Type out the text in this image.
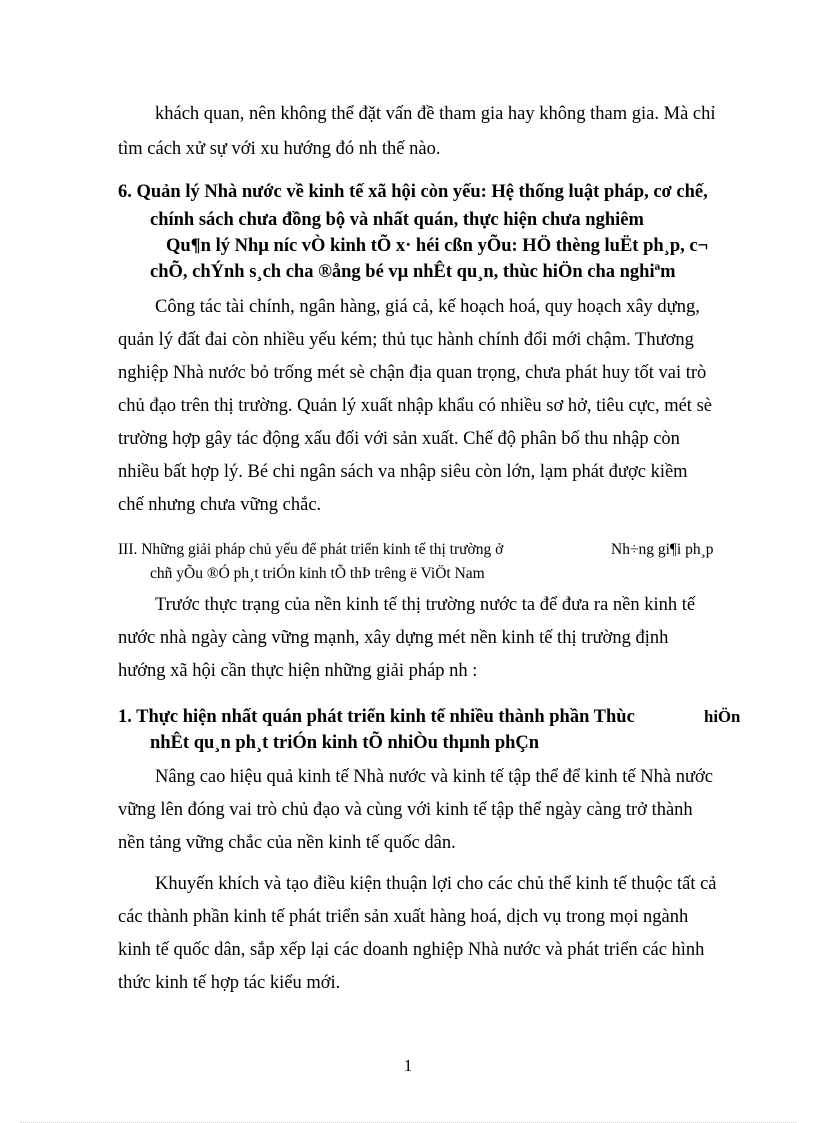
khách quan, nên không thể đặt vấn đề tham gia hay không tham gia. Mà chỉ
tìm cách xử sự với xu hướng đó nh thế nào.
6. Quản lý Nhà nước về kinh tế xã hội còn yếu: Hệ thống luật pháp, cơ chế,
chính sách chưa đồng bộ và nhất quán, thực hiện chưa nghiêm
Qu¶n lý Nhµ níc vÒ kinh tÕ x· héi cßn yÕu: HÖ thèng luËt ph¸p, c¬
chÕ, chÝnh s¸ch cha ®ång bé vµ nhÊt qu¸n, thùc hiÖn cha nghiªm
Công tác tài chính, ngân hàng, giá cả, kế hoạch hoá, quy hoạch xây dựng,
quản lý đất đai còn nhiều yếu kém; thủ tục hành chính đổi mới chậm. Thương
nghiệp Nhà nước bỏ trống mét sè chận địa quan trọng, chưa phát huy tốt vai trò
chủ đạo trên thị trường. Quản lý xuất nhập khẩu có nhiều sơ hở, tiêu cực, mét sè
trường hợp gây tác động xấu đối với sản xuất. Chế độ phân bố thu nhập còn
nhiều bất hợp lý. Bé chi ngân sách va nhập siêu còn lớn, lạm phát được kiềm
chế nhưng chưa vững chắc.
III. Những giải pháp chủ yếu để phát triển kinh tế thị trường ở	Nh÷ng gi¶i ph¸p
chñ yÕu ®Ó ph¸t triÓn kinh tÕ thÞ trêng ë ViÖt Nam
Trước thực trạng của nền kinh tế thị trường nước ta để đưa ra nền kinh tế
nước nhà ngày càng vững mạnh, xây dựng mét nền kinh tế thị trường định
hướng xã hội cần thực hiện những giải pháp nh :
1. Thực hiện nhất quán phát triển kinh tế nhiều thành phần Thùc	hiÖn
nhÊt qu¸n ph¸t triÓn kinh tÕ nhiÒu thµnh phÇn
Nâng cao hiệu quả kinh tế Nhà nước và kinh tế tập thể để kinh tế Nhà nước
vững lên đóng vai trò chủ đạo và cùng với kinh tế tập thể ngày càng trở thành
nền tảng vững chắc của nền kinh tế quốc dân.
Khuyến khích và tạo điều kiện thuận lợi cho các chủ thể kinh tế thuộc tất cả
các thành phần kinh tế phát triển sản xuất hàng hoá, dịch vụ trong mọi ngành
kinh tế quốc dân, sắp xếp lại các doanh nghiệp Nhà nước và phát triển các hình
thức kinh tế hợp tác kiểu mới.
1
